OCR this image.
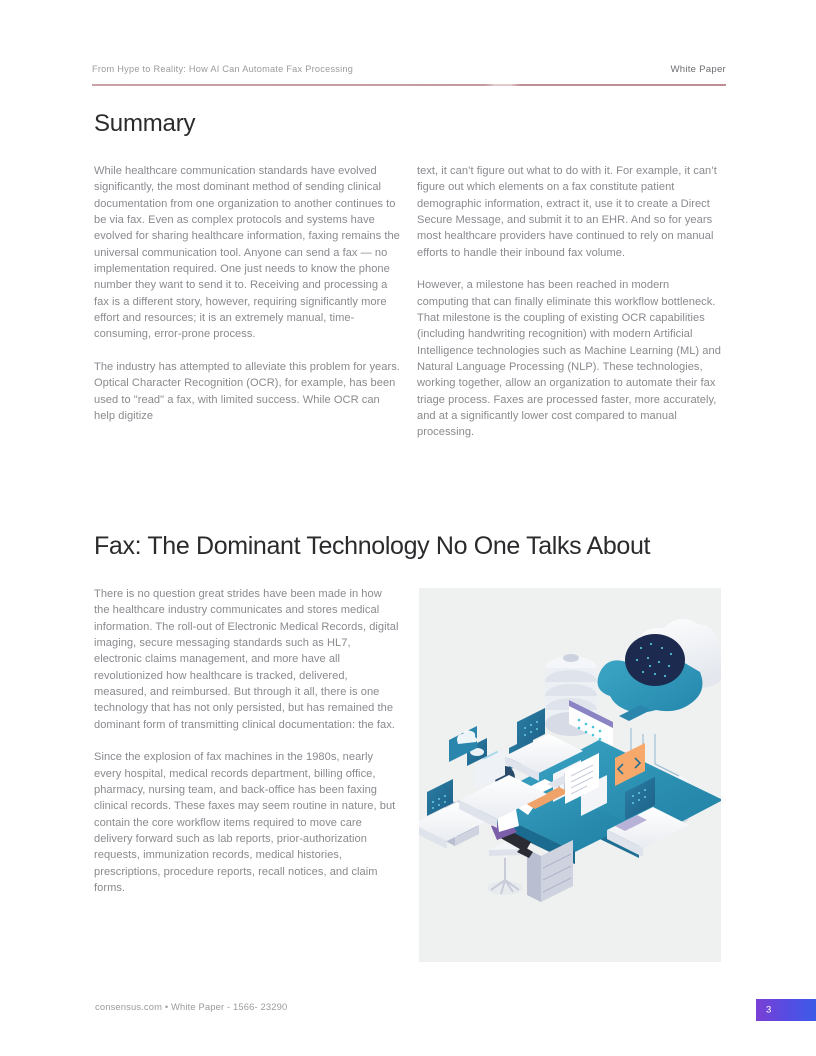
From Hype to Reality: How AI Can Automate Fax Processing	White Paper
Summary

While healthcare communication standards have evolved significantly, the most dominant method of sending clinical documentation from one organization to another continues to be via fax. Even as complex protocols and systems have evolved for sharing healthcare information, faxing remains the universal communication tool. Anyone can send a fax — no implementation required. One just needs to know the phone number they want to send it to. Receiving and processing a fax is a different story, however, requiring significantly more effort and resources; it is an extremely manual, time-consuming, error-prone process.

The industry has attempted to alleviate this problem for years. Optical Character Recognition (OCR), for example, has been used to "read" a fax, with limited success. While OCR can help digitize

text, it can’t figure out what to do with it. For example, it can’t figure out which elements on a fax constitute patient demographic information, extract it, use it to create a Direct Secure Message, and submit it to an EHR. And so for years most healthcare providers have continued to rely on manual efforts to handle their inbound fax volume.

However, a milestone has been reached in modern computing that can finally eliminate this workflow bottleneck. That milestone is the coupling of existing OCR capabilities (including handwriting recognition) with modern Artificial Intelligence technologies such as Machine Learning (ML) and Natural Language Processing (NLP). These technologies, working together, allow an organization to automate their fax triage process. Faxes are processed faster, more accurately, and at a significantly lower cost compared to manual processing.

Fax: The Dominant Technology No One Talks About

There is no question great strides have been made in how the healthcare industry communicates and stores medical information. The roll-out of Electronic Medical Records, digital imaging, secure messaging standards such as HL7, electronic claims management, and more have all revolutionized how healthcare is tracked, delivered, measured, and reimbursed. But through it all, there is one technology that has not only persisted, but has remained the dominant form of transmitting clinical documentation: the fax.

Since the explosion of fax machines in the 1980s, nearly every hospital, medical records department, billing office, pharmacy, nursing team, and back-office has been faxing clinical records. These faxes may seem routine in nature, but contain the core workflow items required to move care delivery forward such as lab reports, prior-authorization requests, immunization records, medical histories, prescriptions, procedure reports, recall notices, and claim forms.

consensus.com • White Paper - 1566- 23290	3
